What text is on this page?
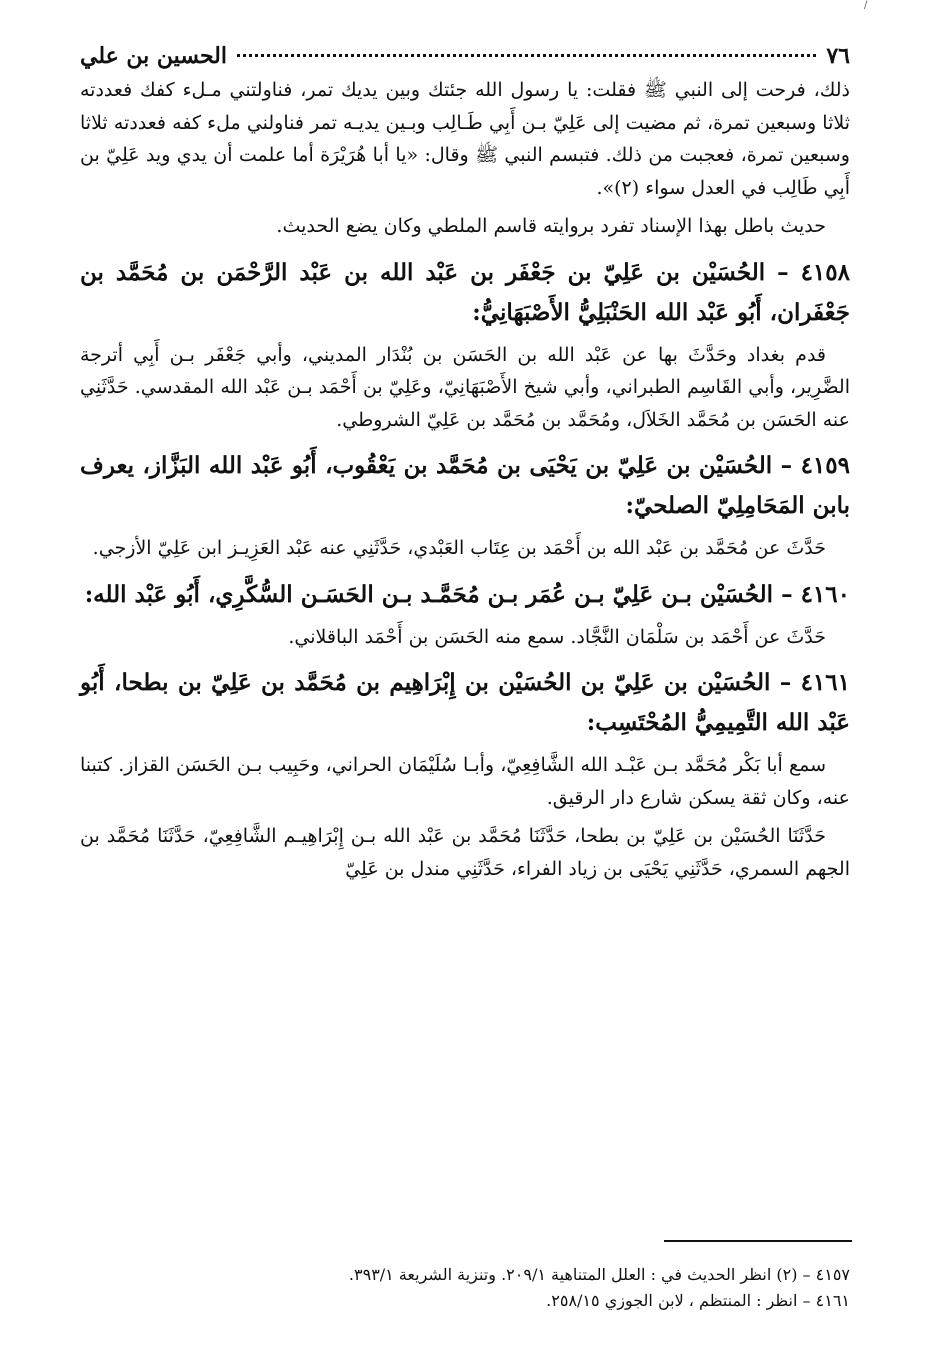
/
٧٦
الحسين بن علي

ذلك، فرحت إلى النبي ﷺ فقلت: يا رسول الله جئتك وبين يديك تمر، فناولتني مـلء كفك فعددته ثلاثا وسبعين تمرة، ثم مضيت إلى عَلِيّ بـن أَبِي طَـالِب وبـين يديـه تمر فناولني ملء كفه فعددته ثلاثا وسبعين تمرة، فعجبت من ذلك. فتبسم النبي ﷺ وقال: «يا أبا هُرَيْرَة أما علمت أن يدي ويد عَلِيّ بن أَبِي طَالِب في العدل سواء (٢)».

حديث باطل بهذا الإسناد تفرد بروايته قاسم الملطي وكان يضع الحديث.

٤١٥٨ – الحُسَيْن بن عَلِيّ بن جَعْفَر بن عَبْد الله بن عَبْد الرَّحْمَن بن مُحَمَّد بن جَعْفَران، أَبُو عَبْد الله الحَنْبَلِيُّ الأَصْبَهَانِيُّ:

قدم بغداد وحَدَّثَ بها عن عَبْد الله بن الحَسَن بن بُنْدَار المديني، وأبي جَعْفَر بـن أَبِي أترجة الضَّرِير، وأبي القَاسِم الطبراني، وأبي شيخ الأَصْبَهَانِيّ، وعَلِيّ بن أَحْمَد بـن عَبْد الله المقدسي. حَدَّثَنِي عنه الحَسَن بن مُحَمَّد الخَلاَل، ومُحَمَّد بن مُحَمَّد بن عَلِيّ الشروطي.

٤١٥٩ – الحُسَيْن بن عَلِيّ بن يَحْيَى بن مُحَمَّد بن يَعْقُوب، أَبُو عَبْد الله البَزَّاز، يعرف بابن المَحَامِلِيّ الصلحيّ:

حَدَّثَ عن مُحَمَّد بن عَبْد الله بن أَحْمَد بن عِتَاب العَبْدي، حَدَّثَنِي عنه عَبْد العَزِيـز ابن عَلِيّ الأزجي.

٤١٦٠ – الحُسَيْن بـن عَلِيّ بـن عُمَر بـن مُحَمَّـد بـن الحَسَـن السُّكَّرِي، أَبُو عَبْد الله:

حَدَّثَ عن أَحْمَد بن سَلْمَان النَّجَّاد. سمع منه الحَسَن بن أَحْمَد الباقلاني.

٤١٦١ – الحُسَيْن بن عَلِيّ بن الحُسَيْن بن إِبْرَاهِيم بن مُحَمَّد بن عَلِيّ بن بطحا، أَبُو عَبْد الله التَّمِيمِيُّ المُحْتَسِب:

سمع أبا بَكْر مُحَمَّد بـن عَبْـد الله الشَّافِعِيّ، وأبـا سُلَيْمَان الحراني، وحَبِيب بـن الحَسَن القزاز. كتبنا عنه، وكان ثقة يسكن شارع دار الرقيق.

حَدَّثَنَا الحُسَيْن بن عَلِيّ بن بطحا، حَدَّثَنَا مُحَمَّد بن عَبْد الله بـن إِبْرَاهِيـم الشَّافِعِيّ، حَدَّثَنَا مُحَمَّد بن الجهم السمري، حَدَّثَنِي يَحْيَى بن زياد الفراء، حَدَّثَنِي مندل بن عَلِيّ

٤١٥٧ – (٢) انظر الحديث في : العلل المتناهية ٢٠٩/١. وتنزية الشريعة ٣٩٣/١.
٤١٦١ – انظر : المنتظم ، لابن الجوزي ٢٥٨/١٥.
